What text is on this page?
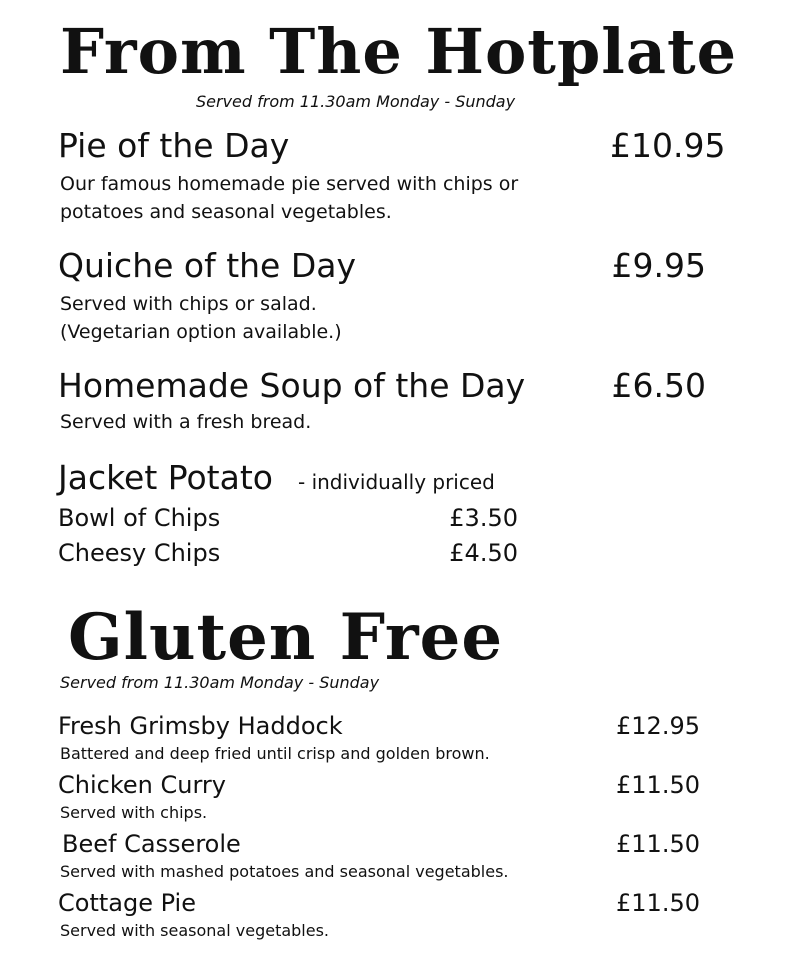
From The Hotplate
Served from 11.30am Monday - Sunday
Pie of the Day	£10.95
Our famous homemade pie served with chips or
potatoes and seasonal vegetables.
Quiche of the Day	£9.95
Served with chips or salad.
(Vegetarian option available.)
Homemade Soup of the Day	£6.50
Served with a fresh bread.
Jacket Potato - individually priced
Bowl of Chips	£3.50
Cheesy Chips	£4.50
Gluten Free
Served from 11.30am Monday - Sunday
Fresh Grimsby Haddock	£12.95
Battered and deep fried until crisp and golden brown.
Chicken Curry	£11.50
Served with chips.
Beef Casserole	£11.50
Served with mashed potatoes and seasonal vegetables.
Cottage Pie	£11.50
Served with seasonal vegetables.
